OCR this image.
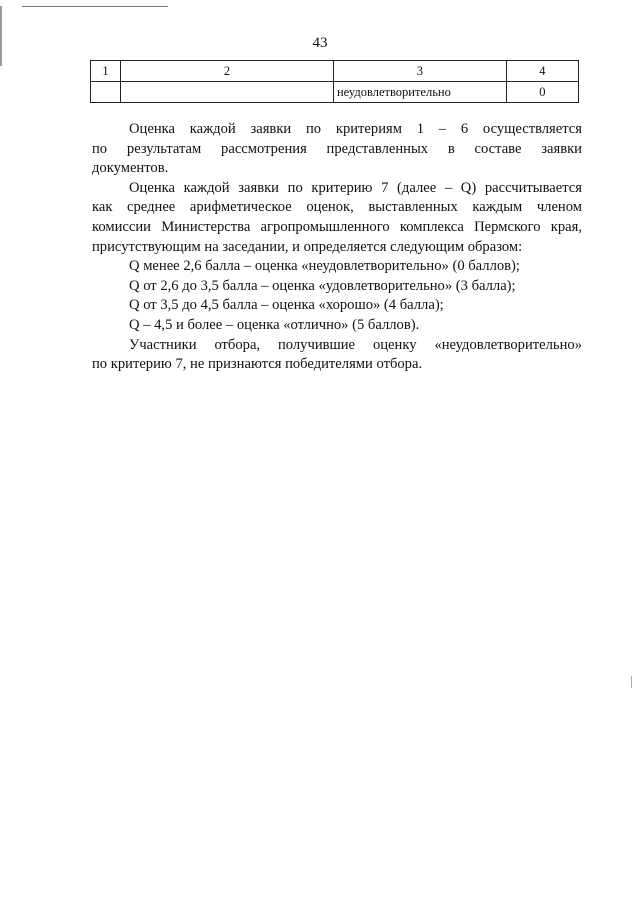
43
1	2	3	4
		неудовлетворительно	0

Оценка каждой заявки по критериям 1 – 6 осуществляется

по результатам рассмотрения представленных в составе заявки

документов.

Оценка каждой заявки по критерию 7 (далее – Q) рассчитывается

как среднее арифметическое оценок, выставленных каждым членом

комиссии Министерства агропромышленного комплекса Пермского края,

присутствующим на заседании, и определяется следующим образом:

Q менее 2,6 балла – оценка «неудовлетворительно» (0 баллов);

Q от 2,6 до 3,5 балла – оценка «удовлетворительно» (3 балла);

Q от 3,5 до 4,5 балла – оценка «хорошо» (4 балла);

Q – 4,5 и более – оценка «отлично» (5 баллов).

Участники отбора, получившие оценку «неудовлетворительно»

по критерию 7, не признаются победителями отбора.
